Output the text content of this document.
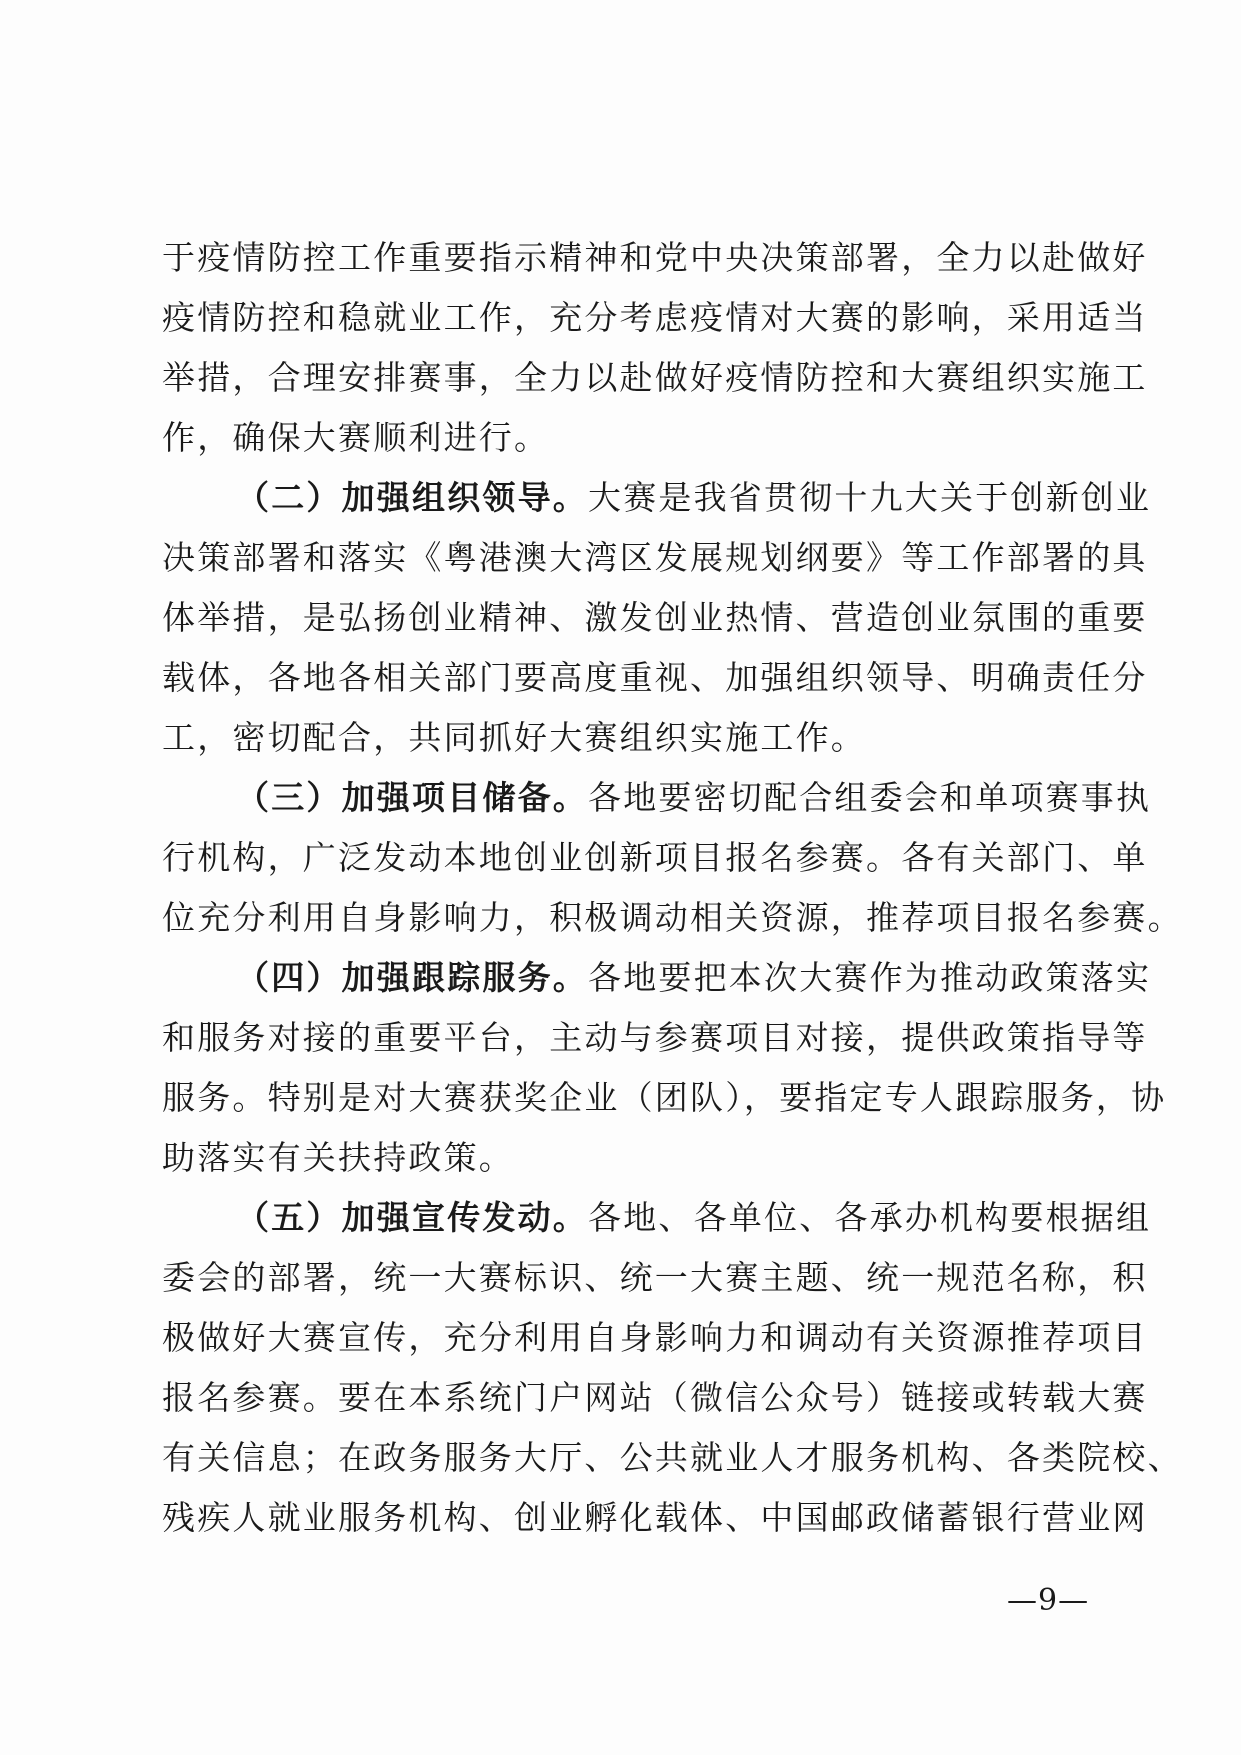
于疫情防控工作重要指示精神和党中央决策部署，全力以赴做好
疫情防控和稳就业工作，充分考虑疫情对大赛的影响，采用适当
举措，合理安排赛事，全力以赴做好疫情防控和大赛组织实施工
作，确保大赛顺利进行。
（二）加强组织领导。大赛是我省贯彻十九大关于创新创业
决策部署和落实《粤港澳大湾区发展规划纲要》等工作部署的具
体举措，是弘扬创业精神、激发创业热情、营造创业氛围的重要
载体，各地各相关部门要高度重视、加强组织领导、明确责任分
工，密切配合，共同抓好大赛组织实施工作。
（三）加强项目储备。各地要密切配合组委会和单项赛事执
行机构，广泛发动本地创业创新项目报名参赛。各有关部门、单
位充分利用自身影响力，积极调动相关资源，推荐项目报名参赛。
（四）加强跟踪服务。各地要把本次大赛作为推动政策落实
和服务对接的重要平台，主动与参赛项目对接，提供政策指导等
服务。特别是对大赛获奖企业（团队），要指定专人跟踪服务，协
助落实有关扶持政策。
（五）加强宣传发动。各地、各单位、各承办机构要根据组
委会的部署，统一大赛标识、统一大赛主题、统一规范名称，积
极做好大赛宣传，充分利用自身影响力和调动有关资源推荐项目
报名参赛。要在本系统门户网站（微信公众号）链接或转载大赛
有关信息；在政务服务大厅、公共就业人才服务机构、各类院校、
残疾人就业服务机构、创业孵化载体、中国邮政储蓄银行营业网
—9—
